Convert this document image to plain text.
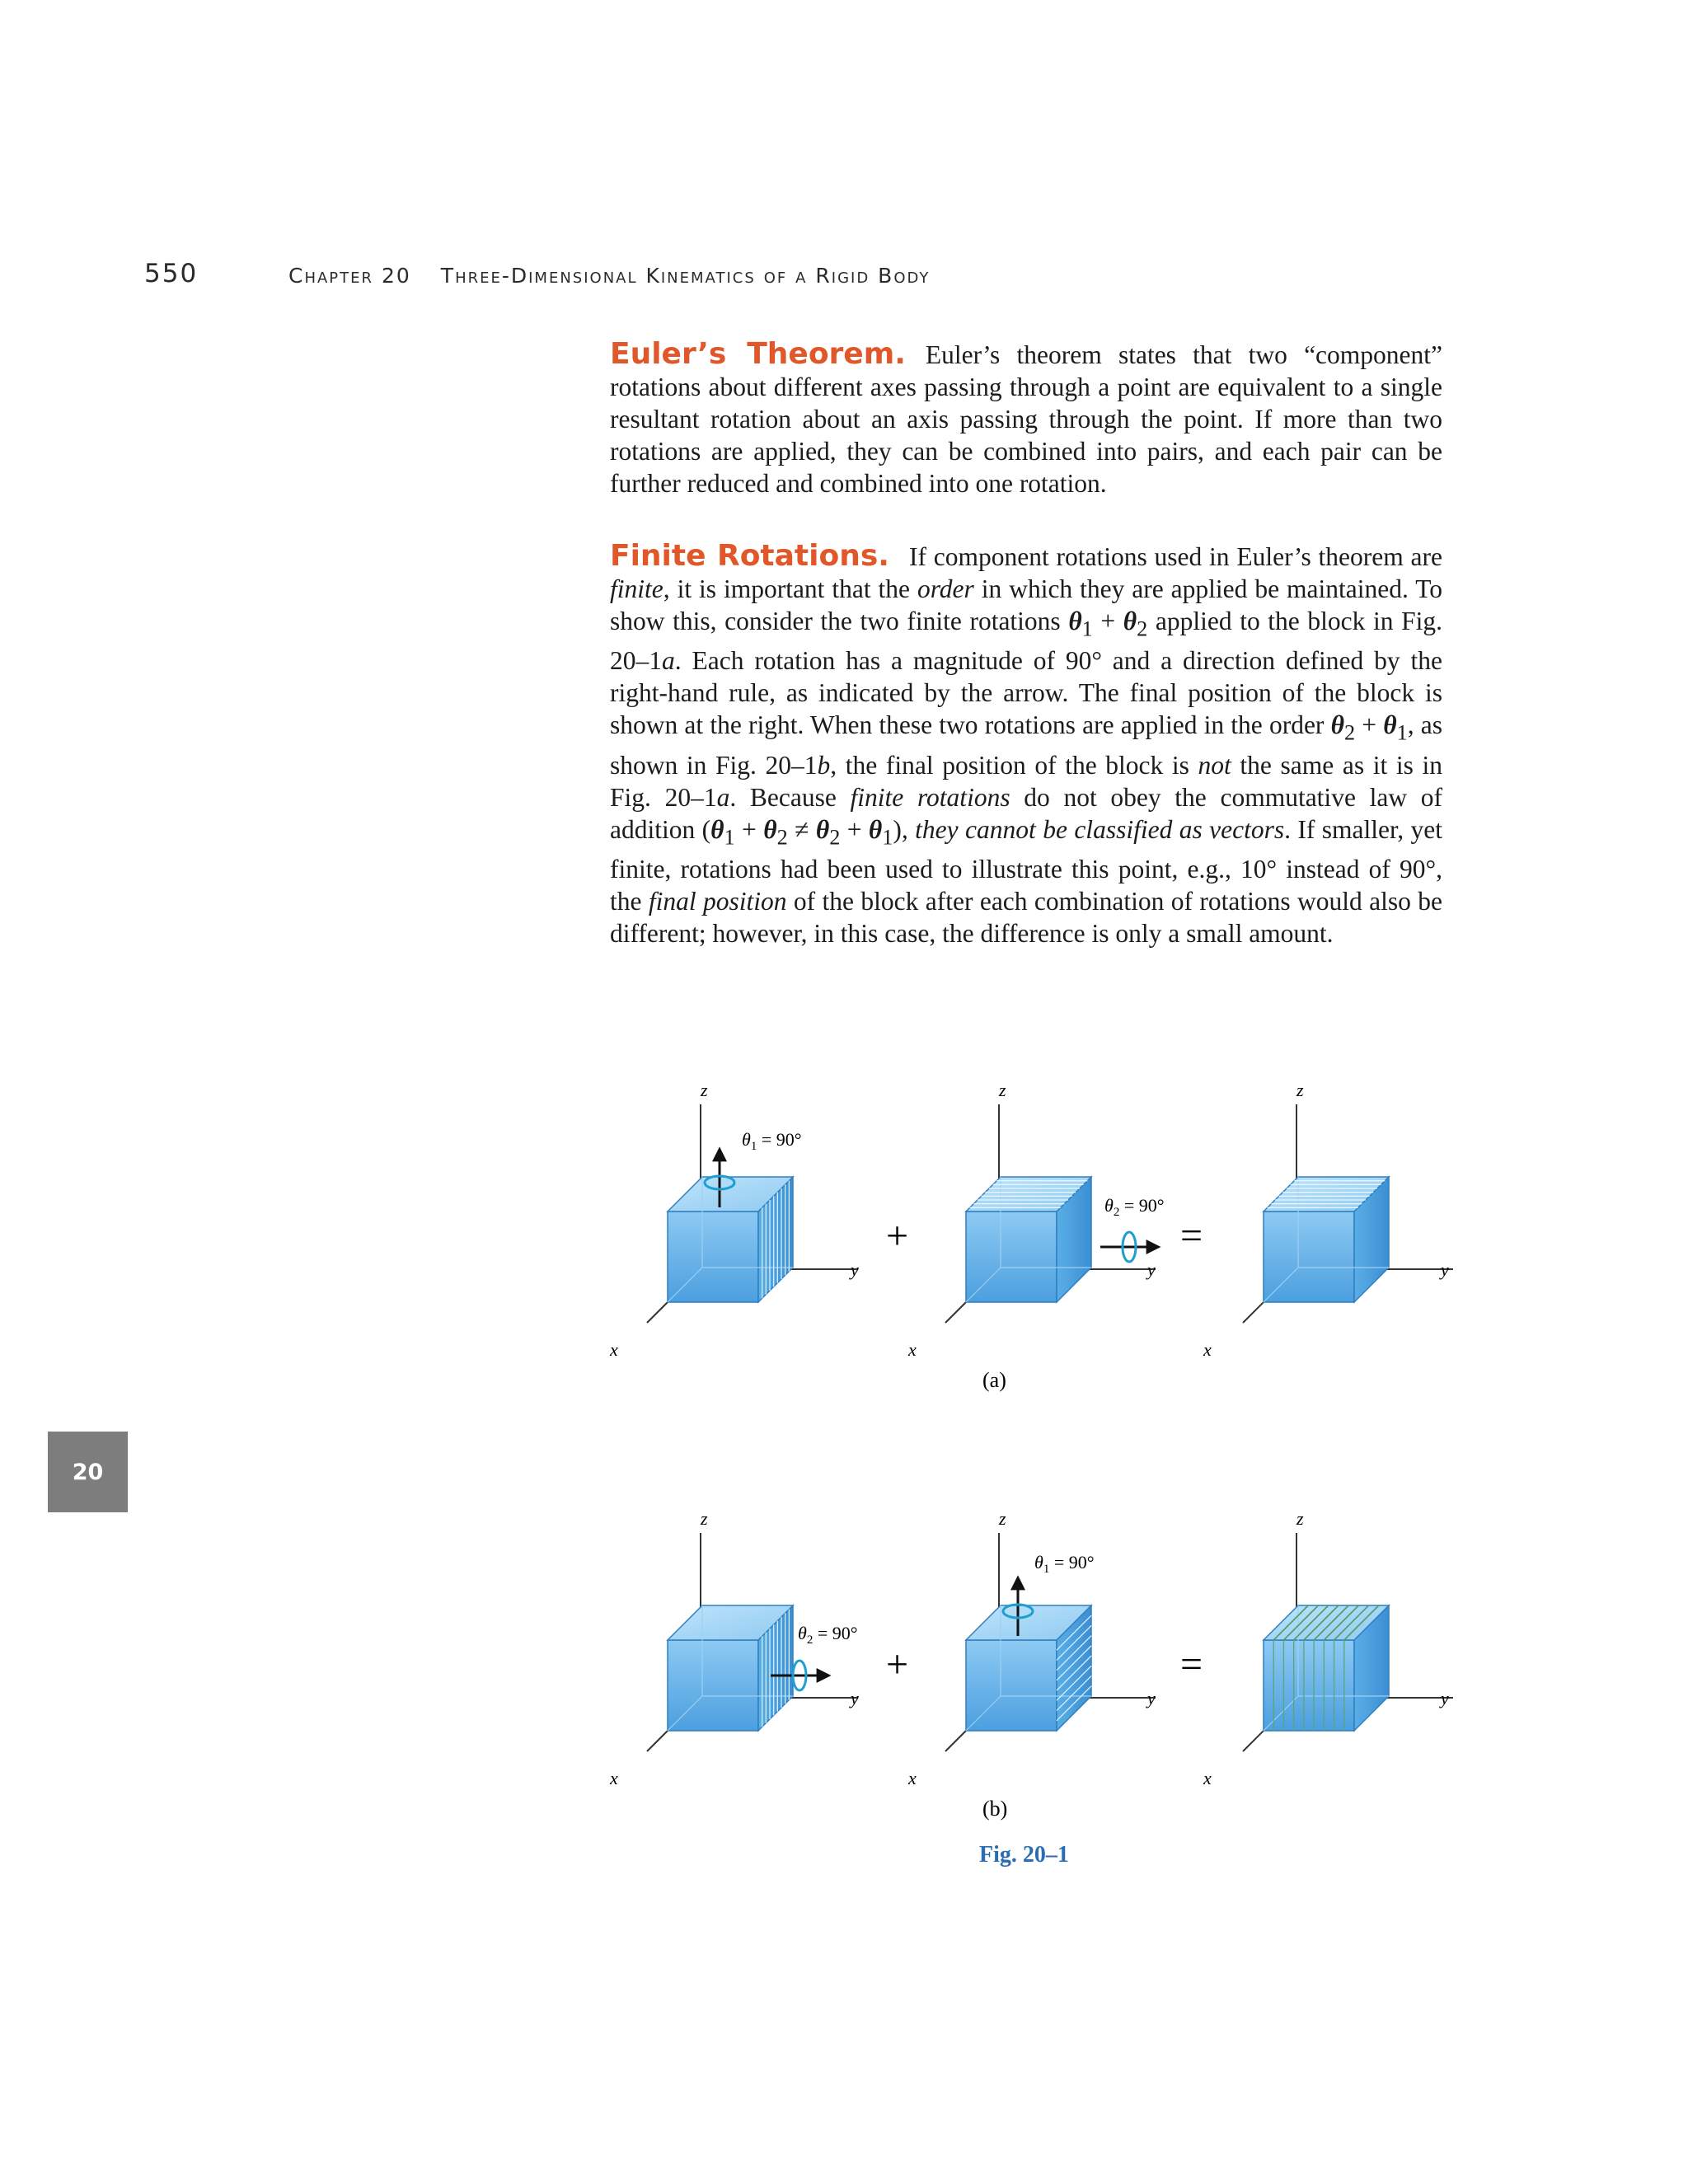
550	Chapter 20 Three-Dimensional Kinematics of a Rigid Body
Euler’s Theorem. Euler’s theorem states that two “component” rotations about different axes passing through a point are equivalent to a single resultant rotation about an axis passing through the point. If more than two rotations are applied, they can be combined into pairs, and each pair can be further reduced and combined into one rotation.
Finite Rotations. If component rotations used in Euler’s theorem are finite, it is important that the order in which they are applied be maintained. To show this, consider the two finite rotations $\theta_1 + \theta_2$ applied to the block in Fig. 20–1a. Each rotation has a magnitude of 90° and a direction defined by the right-hand rule, as indicated by the arrow. The final position of the block is shown at the right. When these two rotations are applied in the order $\theta_2 + \theta_1$, as shown in Fig. 20–1b, the final position of the block is not the same as it is in Fig. 20–1a. Because finite rotations do not obey the commutative law of addition $(\theta_1 + \theta_2 \ne \theta_2 + \theta_1)$, they cannot be classified as vectors. If smaller, yet finite, rotations had been used to illustrate this point, e.g., 10° instead of 90°, the final position of the block after each combination of rotations would also be different; however, in this case, the difference is only a small amount.
z
y
x
$\theta_1 = 90^\circ$
+
z
y
x
$\theta_2 = 90^\circ$
=
z
y
x
(a)
z
y
x
$\theta_2 = 90^\circ$
+
z
y
x
$\theta_1 = 90^\circ$
=
z
y
x
(b)
Fig. 20–1
20
